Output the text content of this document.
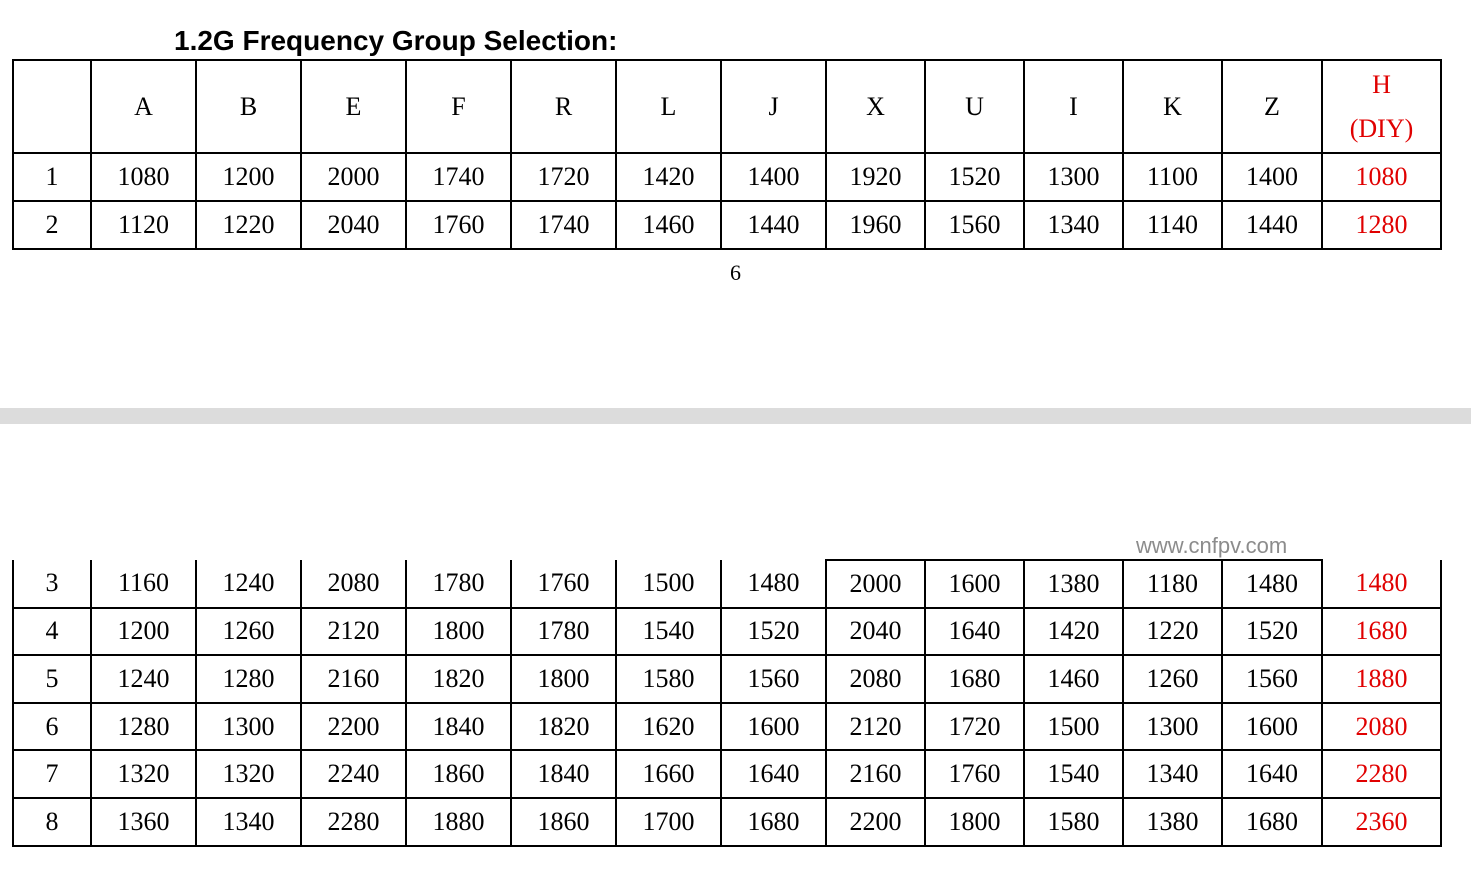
1.2G Frequency Group Selection:
	A	B	E	F	R	L	J	X	U	I	K	Z	H
(DIY)

1	1080	1200	2000	1740	1720	1420	1400	1920	1520	1300	1100	1400	1080
2	1120	1220	2040	1760	1740	1460	1440	1960	1560	1340	1140	1440	1280
6
www.cnfpv.com
3	1160	1240	2080	1780	1760	1500	1480	2000	1600	1380	1180	1480	1480
4	1200	1260	2120	1800	1780	1540	1520	2040	1640	1420	1220	1520	1680
5	1240	1280	2160	1820	1800	1580	1560	2080	1680	1460	1260	1560	1880
6	1280	1300	2200	1840	1820	1620	1600	2120	1720	1500	1300	1600	2080
7	1320	1320	2240	1860	1840	1660	1640	2160	1760	1540	1340	1640	2280
8	1360	1340	2280	1880	1860	1700	1680	2200	1800	1580	1380	1680	2360
